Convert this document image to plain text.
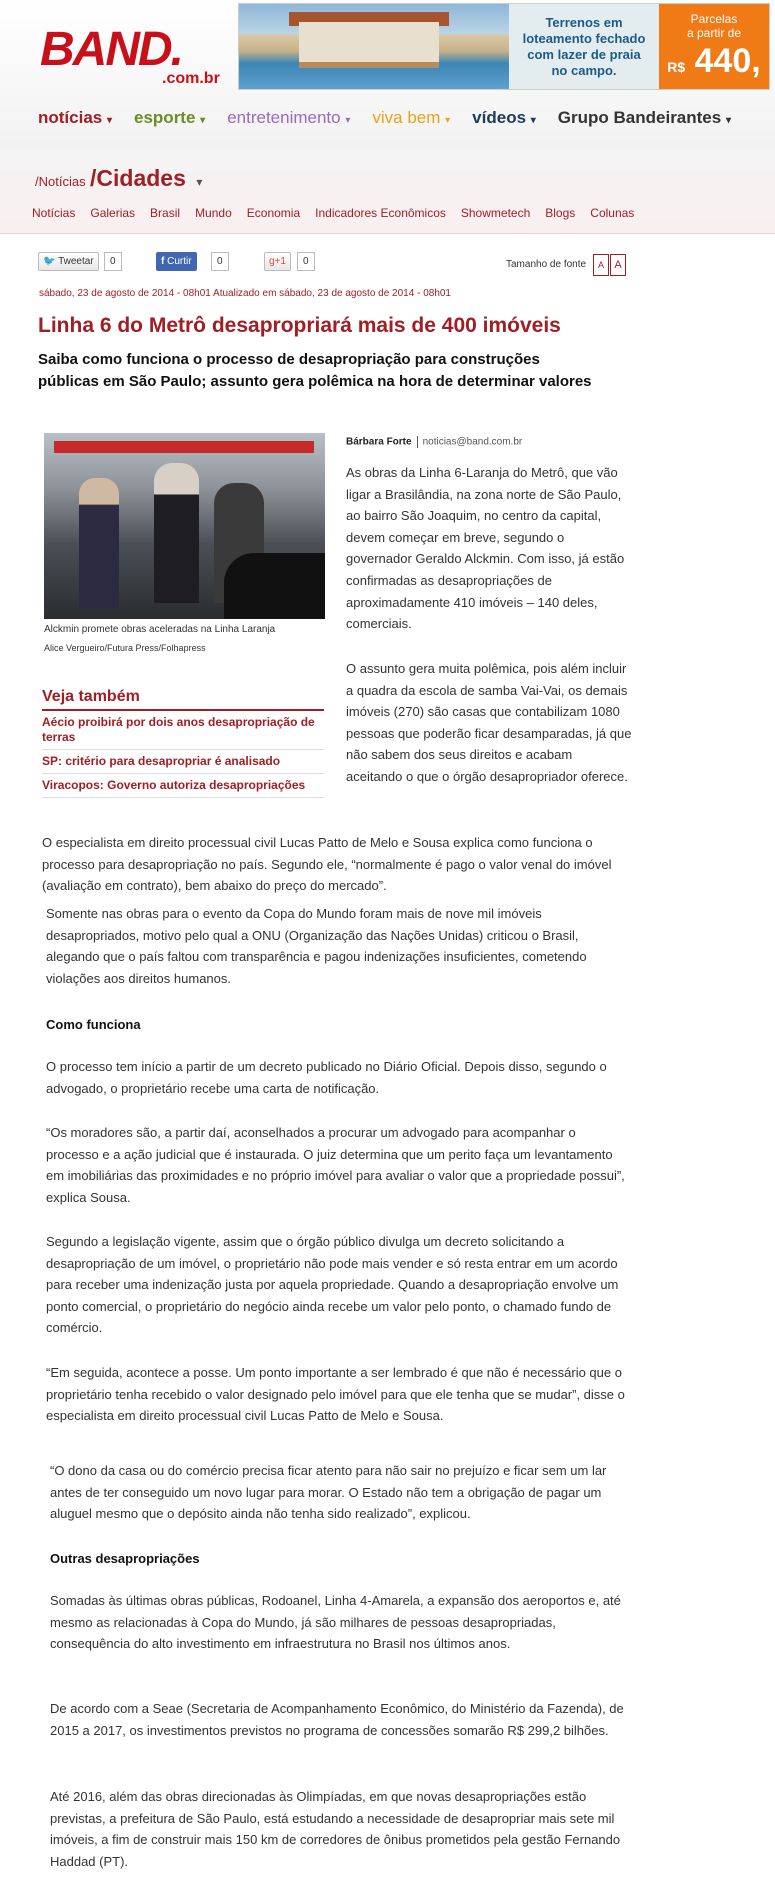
BAND.
.com.br
Terrenos em
loteamento fechado
com lazer de praia
no campo.
Parcelas
a partir de
R$ 440,
notícias ▾ esporte ▾ entretenimento ▾ viva bem ▾ vídeos ▾ Grupo Bandeirantes ▾
/Notícias /Cidades ▾
Notícias Galerias Brasil Mundo Economia Indicadores Econômicos Showmetech Blogs Colunas
🐦 Tweetar	0	f Curtir	0	g+1	0	Tamanho de fonte	A A
sábado, 23 de agosto de 2014 - 08h01 Atualizado em sábado, 23 de agosto de 2014 - 08h01
Linha 6 do Metrô desapropriará mais de 400 imóveis
Saiba como funciona o processo de desapropriação para construções públicas em São Paulo; assunto gera polêmica na hora de determinar valores
Alckmin promete obras aceleradas na Linha Laranja
Alice Vergueiro/Futura Press/Folhapress
Veja também
Aécio proibirá por dois anos desapropriação de terras
SP: critério para desapropriar é analisado
Viracopos: Governo autoriza desapropriações
Bárbara Forte noticias@band.com.br
As obras da Linha 6-Laranja do Metrô, que vão ligar a Brasilândia, na zona norte de São Paulo, ao bairro São Joaquim, no centro da capital, devem começar em breve, segundo o governador Geraldo Alckmin. Com isso, já estão confirmadas as desapropriações de aproximadamente 410 imóveis – 140 deles, comerciais.
O assunto gera muita polêmica, pois além incluir a quadra da escola de samba Vai-Vai, os demais imóveis (270) são casas que contabilizam 1080 pessoas que poderão ficar desamparadas, já que não sabem dos seus direitos e acabam aceitando o que o órgão desapropriador oferece.
O especialista em direito processual civil Lucas Patto de Melo e Sousa explica como funciona o processo para desapropriação no país. Segundo ele, “normalmente é pago o valor venal do imóvel (avaliação em contrato), bem abaixo do preço do mercado”.
Somente nas obras para o evento da Copa do Mundo foram mais de nove mil imóveis desapropriados, motivo pelo qual a ONU (Organização das Nações Unidas) criticou o Brasil, alegando que o país faltou com transparência e pagou indenizações insuficientes, cometendo violações aos direitos humanos.
Como funciona
O processo tem início a partir de um decreto publicado no Diário Oficial. Depois disso, segundo o advogado, o proprietário recebe uma carta de notificação.
“Os moradores são, a partir daí, aconselhados a procurar um advogado para acompanhar o processo e a ação judicial que é instaurada. O juiz determina que um perito faça um levantamento em imobiliárias das proximidades e no próprio imóvel para avaliar o valor que a propriedade possui”, explica Sousa.
Segundo a legislação vigente, assim que o órgão público divulga um decreto solicitando a desapropriação de um imóvel, o proprietário não pode mais vender e só resta entrar em um acordo para receber uma indenização justa por aquela propriedade. Quando a desapropriação envolve um ponto comercial, o proprietário do negócio ainda recebe um valor pelo ponto, o chamado fundo de comércio.
“Em seguida, acontece a posse. Um ponto importante a ser lembrado é que não é necessário que o proprietário tenha recebido o valor designado pelo imóvel para que ele tenha que se mudar”, disse o especialista em direito processual civil Lucas Patto de Melo e Sousa.
“O dono da casa ou do comércio precisa ficar atento para não sair no prejuízo e ficar sem um lar antes de ter conseguido um novo lugar para morar. O Estado não tem a obrigação de pagar um aluguel mesmo que o depósito ainda não tenha sido realizado”, explicou.
Outras desapropriações
Somadas às últimas obras públicas, Rodoanel, Linha 4-Amarela, a expansão dos aeroportos e, até mesmo as relacionadas à Copa do Mundo, já são milhares de pessoas desapropriadas, consequência do alto investimento em infraestrutura no Brasil nos últimos anos.
De acordo com a Seae (Secretaria de Acompanhamento Econômico, do Ministério da Fazenda), de 2015 a 2017, os investimentos previstos no programa de concessões somarão R$ 299,2 bilhões.
Até 2016, além das obras direcionadas às Olimpíadas, em que novas desapropriações estão previstas, a prefeitura de São Paulo, está estudando a necessidade de desapropriar mais sete mil imóveis, a fim de construir mais 150 km de corredores de ônibus prometidos pela gestão Fernando Haddad (PT).
